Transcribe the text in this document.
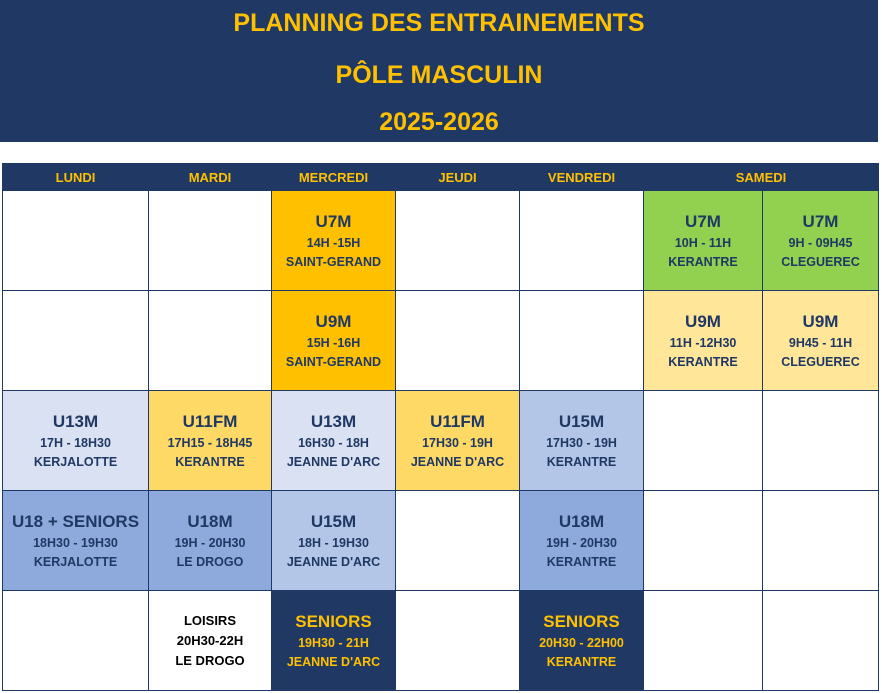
PLANNING DES ENTRAINEMENTS
PÔLE MASCULIN
2025-2026
LUNDI	MARDI	MERCREDI	JEUDI	VENDREDI	SAMEDI	

		U7M
14H -15H
SAINT-GERAND			U7M
10H - 11H
KERANTRE	U7M
9H - 09H45
CLEGUEREC

		U9M
15H -16H
SAINT-GERAND			U9M
11H -12H30
KERANTRE	U9M
9H45 - 11H
CLEGUEREC

U13M
17H - 18H30
KERJALOTTE	U11FM
17H15 - 18H45
KERANTRE	U13M
16H30 - 18H
JEANNE D'ARC	U11FM
17H30 - 19H
JEANNE D'ARC	U15M
17H30 - 19H
KERANTRE		

U18 + SENIORS
18H30 - 19H30
KERJALOTTE	U18M
19H - 20H30
LE DROGO	U15M
18H - 19H30
JEANNE D'ARC		U18M
19H - 20H30
KERANTRE		

	LOISIRS
20H30-22H
LE DROGO	SENIORS
19H30 - 21H
JEANNE D'ARC		SENIORS
20H30 - 22H00
KERANTRE		
